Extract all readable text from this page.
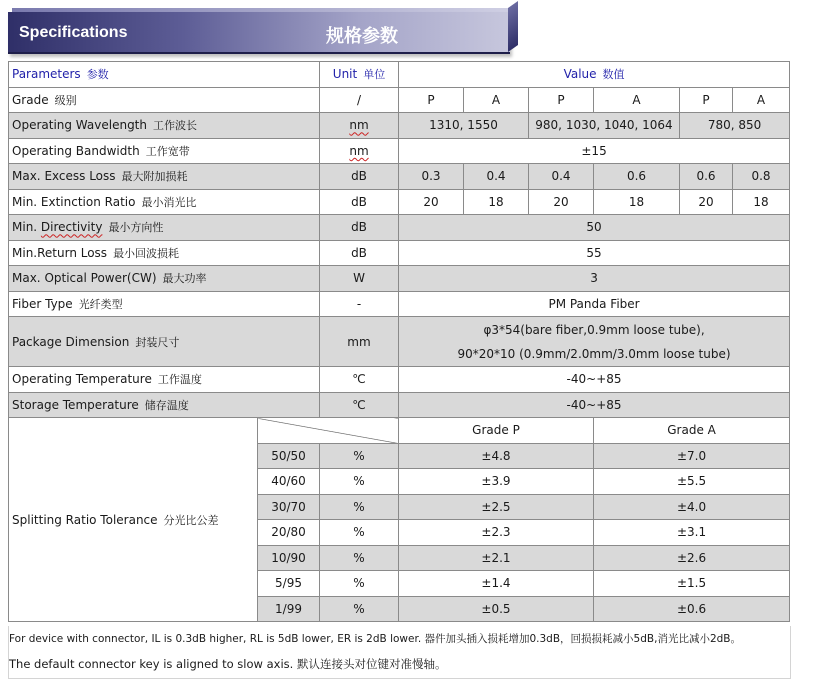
Specifications	规格参数
Parameters 参数		Unit 单位	Value 数值					
Grade 级别		/	P	A	P	A	P	A
Operating Wavelength 工作波长		nm	1310, 1550		980, 1030, 1040, 1064		780, 850	
Operating Bandwidth 工作宽带		nm	±15					
Max. Excess Loss 最大附加损耗		dB	0.3	0.4	0.4	0.6	0.6	0.8
Min. Extinction Ratio 最小消光比		dB	20	18	20	18	20	18
Min. Directivity 最小方向性		dB	50					
Min.Return Loss 最小回波损耗		dB	55					
Max. Optical Power(CW) 最大功率		W	3					
Fiber Type 光纤类型		-	PM Panda Fiber					
Package Dimension 封装尺寸		mm	φ3*54(bare fiber,0.9mm loose tube),
90*20*10 (0.9mm/2.0mm/3.0mm loose tube)					

Operating Temperature 工作温度		℃	-40~+85					
Storage Temperature 储存温度		℃	-40~+85					
Splitting Ratio Tolerance 分光比公差			Grade P			Grade A		
	50/50	%	±4.8			±7.0		
	40/60	%	±3.9			±5.5		
	30/70	%	±2.5			±4.0		
	20/80	%	±2.3			±3.1		
	10/90	%	±2.1			±2.6		
	5/95	%	±1.4			±1.5		
	1/99	%	±0.5			±0.6		
For device with connector, IL is 0.3dB higher, RL is 5dB lower, ER is 2dB lower. 器件加头插入损耗增加0.3dB，回损损耗减小5dB,消光比减小2dB。
The default connector key is aligned to slow axis. 默认连接头对位键对准慢轴。
